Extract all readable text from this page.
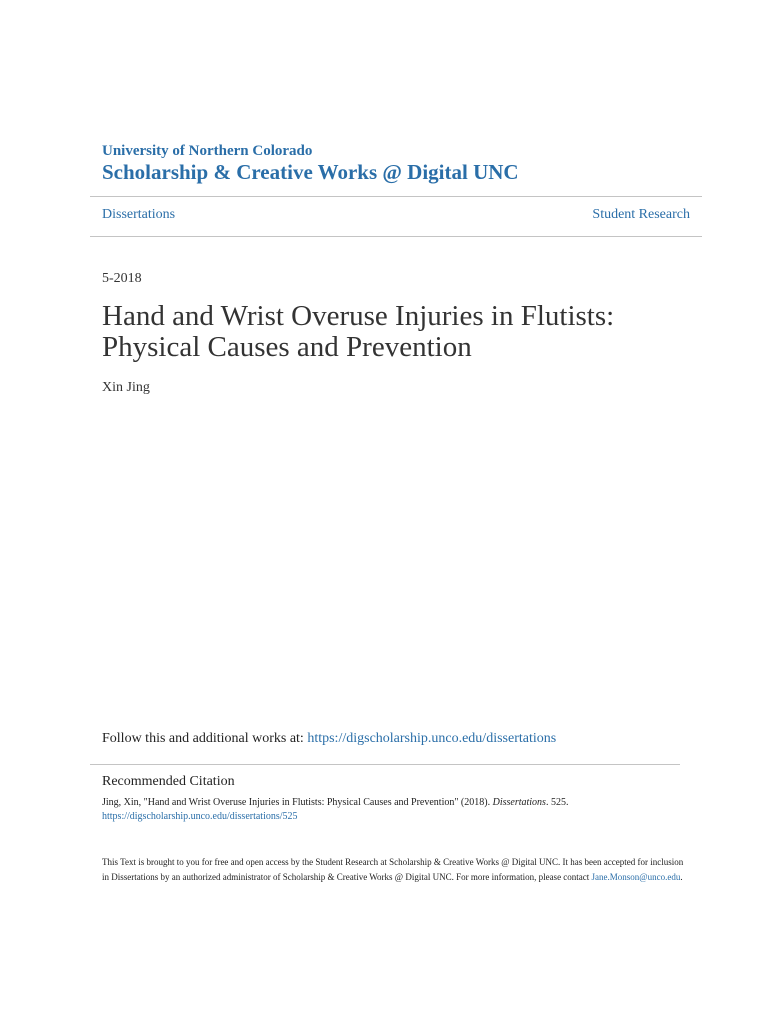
University of Northern Colorado
Scholarship & Creative Works @ Digital UNC
Dissertations	Student Research
5-2018
Hand and Wrist Overuse Injuries in Flutists: Physical Causes and Prevention
Xin Jing
Follow this and additional works at: https://digscholarship.unco.edu/dissertations
Recommended Citation
Jing, Xin, "Hand and Wrist Overuse Injuries in Flutists: Physical Causes and Prevention" (2018). Dissertations. 525.
https://digscholarship.unco.edu/dissertations/525
This Text is brought to you for free and open access by the Student Research at Scholarship & Creative Works @ Digital UNC. It has been accepted for inclusion in Dissertations by an authorized administrator of Scholarship & Creative Works @ Digital UNC. For more information, please contact Jane.Monson@unco.edu.
